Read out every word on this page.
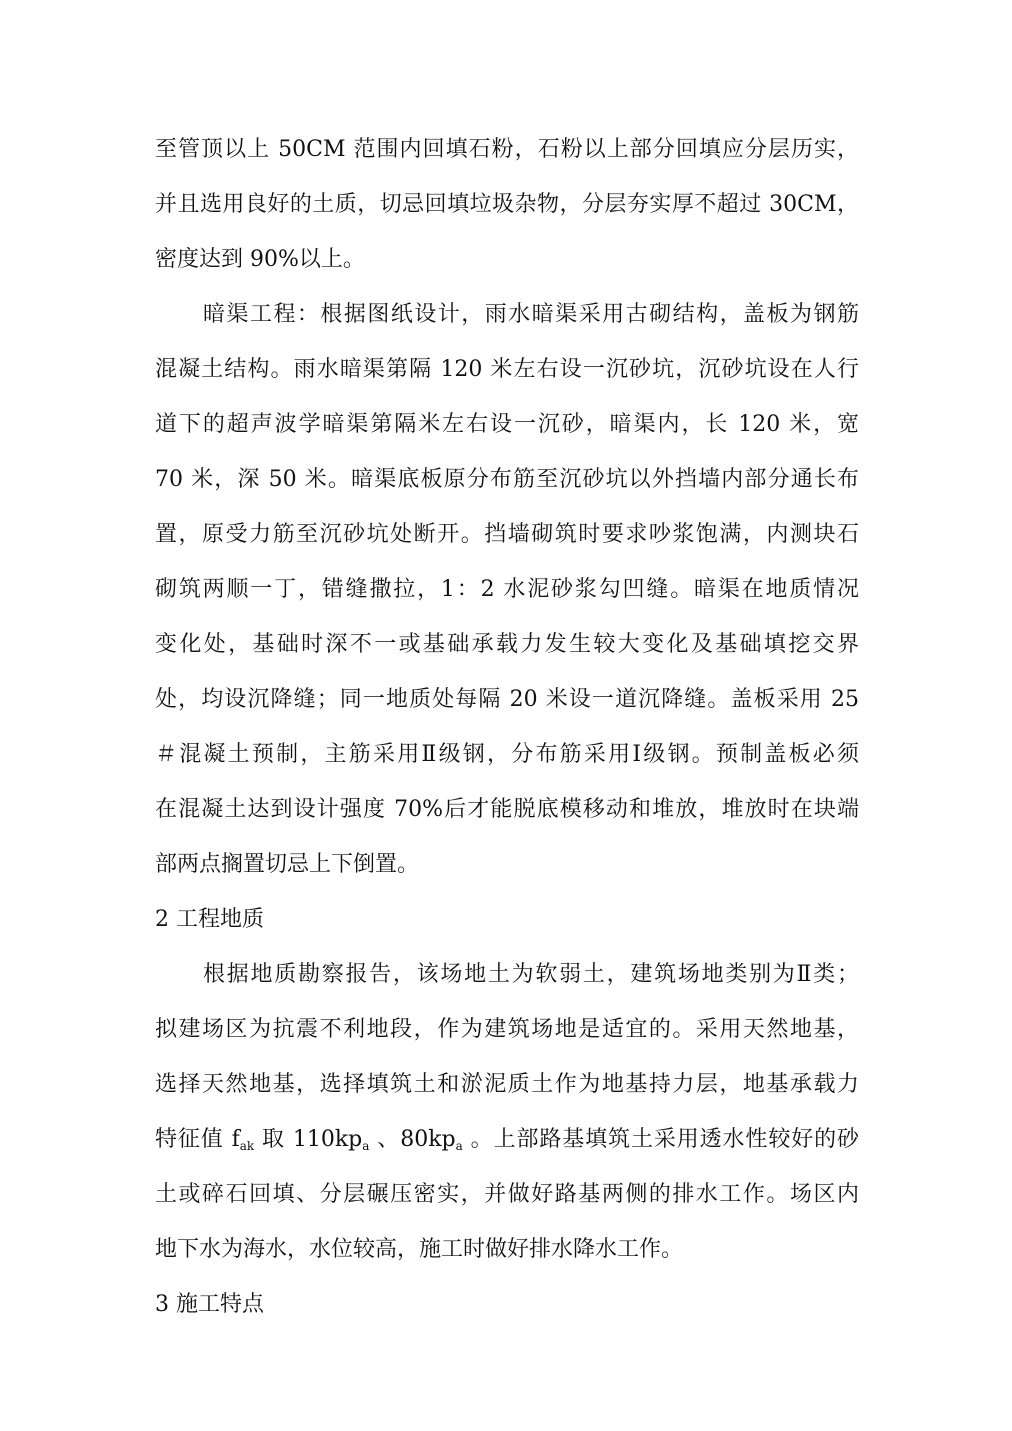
至管顶以上 50CM 范围内回填石粉，石粉以上部分回填应分层历实，
并且选用良好的土质，切忌回填垃圾杂物，分层夯实厚不超过 30CM，
密度达到 90%以上。
暗渠工程：根据图纸设计，雨水暗渠采用古砌结构，盖板为钢筋
混凝土结构。雨水暗渠第隔 120 米左右设一沉砂坑，沉砂坑设在人行
道下的超声波学暗渠第隔米左右设一沉砂，暗渠内，长 120 米，宽
70 米，深 50 米。暗渠底板原分布筋至沉砂坑以外挡墙内部分通长布
置，原受力筋至沉砂坑处断开。挡墙砌筑时要求吵浆饱满，内测块石
砌筑两顺一丁，错缝撒拉，1：2 水泥砂浆勾凹缝。暗渠在地质情况
变化处，基础时深不一或基础承载力发生较大变化及基础填挖交界
处，均设沉降缝；同一地质处每隔 20 米设一道沉降缝。盖板采用 25
＃混凝土预制，主筋采用Ⅱ级钢，分布筋采用Ⅰ级钢。预制盖板必须
在混凝土达到设计强度 70%后才能脱底模移动和堆放，堆放时在块端
部两点搁置切忌上下倒置。
2 工程地质
根据地质勘察报告，该场地土为软弱土，建筑场地类别为Ⅱ类；
拟建场区为抗震不利地段，作为建筑场地是适宜的。采用天然地基，
选择天然地基，选择填筑土和淤泥质土作为地基持力层，地基承载力
特征值 $f_{ak}$ 取 $110kp_a$ 、$80kp_a$ 。上部路基填筑土采用透水性较好的砂
土或碎石回填、分层碾压密实，并做好路基两侧的排水工作。场区内
地下水为海水，水位较高，施工时做好排水降水工作。
3 施工特点
